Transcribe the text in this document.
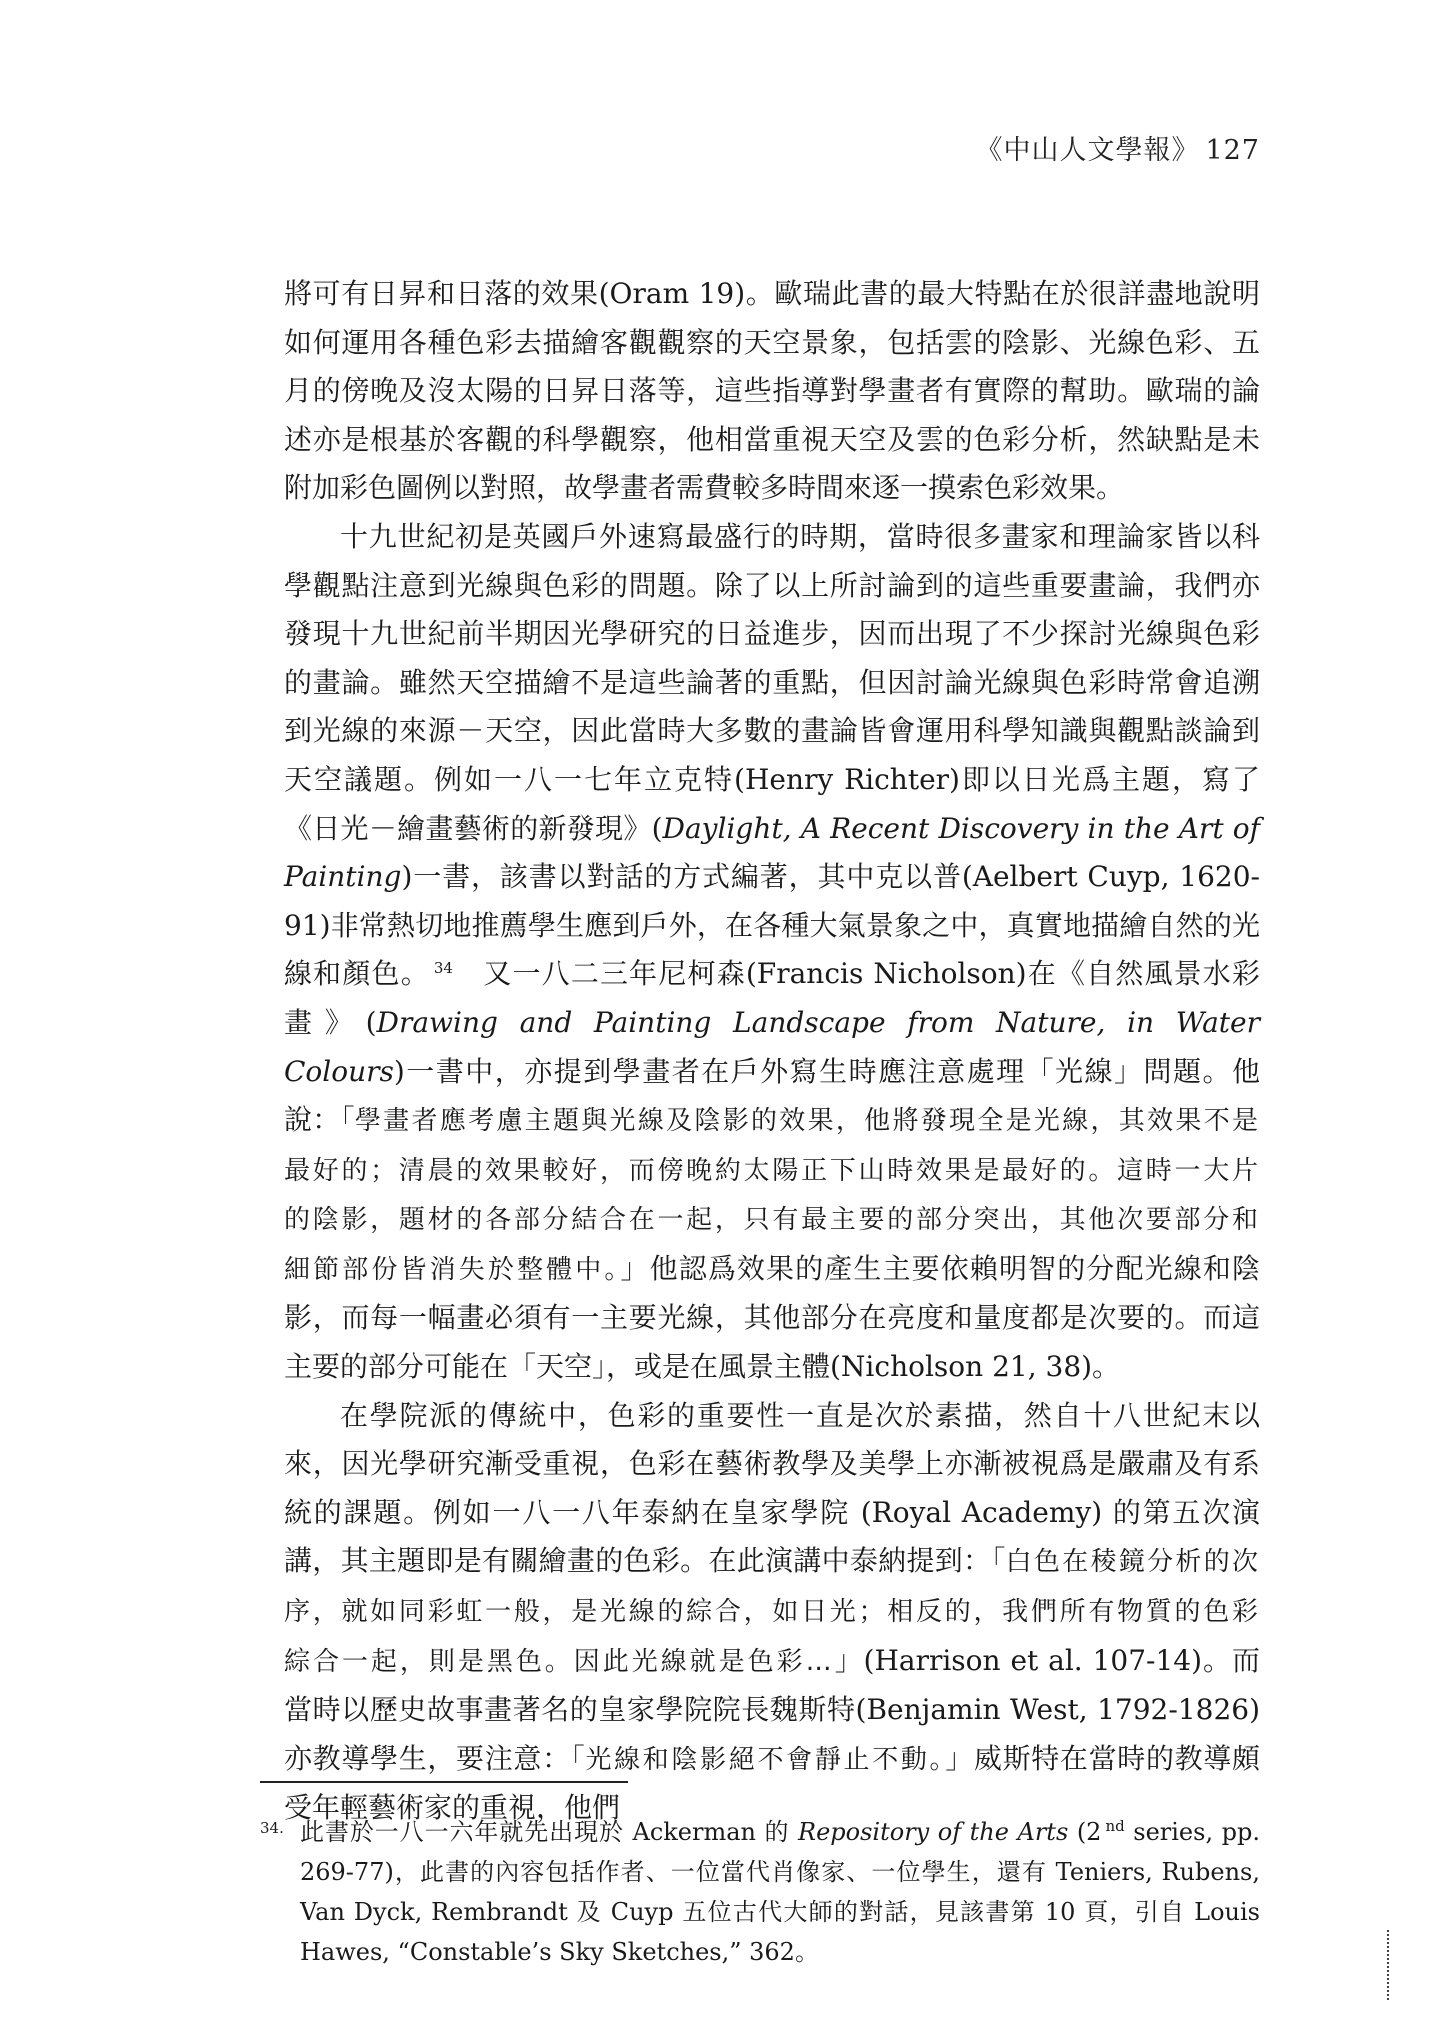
《中山人文學報》 127

將可有日昇和日落的效果(Oram 19)。歐瑞此書的最大特點在於很詳盡地說明如何運用各種色彩去描繪客觀觀察的天空景象，包括雲的陰影、光線色彩、五月的傍晚及沒太陽的日昇日落等，這些指導對學畫者有實際的幫助。歐瑞的論述亦是根基於客觀的科學觀察，他相當重視天空及雲的色彩分析，然缺點是未附加彩色圖例以對照，故學畫者需費較多時間來逐一摸索色彩效果。

十九世紀初是英國戶外速寫最盛行的時期，當時很多畫家和理論家皆以科學觀點注意到光線與色彩的問題。除了以上所討論到的這些重要畫論，我們亦發現十九世紀前半期因光學研究的日益進步，因而出現了不少探討光線與色彩的畫論。雖然天空描繪不是這些論著的重點，但因討論光線與色彩時常會追溯到光線的來源－天空，因此當時大多數的畫論皆會運用科學知識與觀點談論到天空議題。例如一八一七年立克特(Henry Richter)即以日光爲主題，寫了《日光－繪畫藝術的新發現》(Daylight, A Recent Discovery in the Art of Painting)一書，該書以對話的方式編著，其中克以普(Aelbert Cuyp, 1620-91)非常熱切地推薦學生應到戶外，在各種大氣景象之中，真實地描繪自然的光線和顏色。 $^{34}$　又一八二三年尼柯森(Francis Nicholson)在《自然風景水彩畫》(Drawing and Painting Landscape from Nature, in Water Colours)一書中，亦提到學畫者在戶外寫生時應注意處理「光線」問題。他說：「學畫者應考慮主題與光線及陰影的效果，他將發現全是光線，其效果不是最好的；清晨的效果較好，而傍晚約太陽正下山時效果是最好的。這時一大片的陰影，題材的各部分結合在一起，只有最主要的部分突出，其他次要部分和細節部份皆消失於整體中。」他認爲效果的產生主要依賴明智的分配光線和陰影，而每一幅畫必須有一主要光線，其他部分在亮度和量度都是次要的。而這主要的部分可能在「天空」，或是在風景主體(Nicholson 21, 38)。

在學院派的傳統中，色彩的重要性一直是次於素描，然自十八世紀末以來，因光學研究漸受重視，色彩在藝術教學及美學上亦漸被視爲是嚴肅及有系統的課題。例如一八一八年泰納在皇家學院 (Royal Academy) 的第五次演講，其主題即是有關繪畫的色彩。在此演講中泰納提到：「白色在稜鏡分析的次序，就如同彩虹一般，是光線的綜合，如日光；相反的，我們所有物質的色彩綜合一起，則是黑色。因此光線就是色彩…」(Harrison et al. 107-14)。而當時以歷史故事畫著名的皇家學院院長魏斯特(Benjamin West, 1792-1826)亦教導學生，要注意：「光線和陰影絕不會靜止不動。」威斯特在當時的教導頗受年輕藝術家的重視，他們

34. 此書於一八一六年就先出現於 Ackerman 的 Repository of the Arts (2 $^{nd}$ series, pp. 269-77)，此書的內容包括作者、一位當代肖像家、一位學生，還有 Teniers, Rubens, Van Dyck, Rembrandt 及 Cuyp 五位古代大師的對話，見該書第 10 頁，引自 Louis Hawes, “Constable’s Sky Sketches,” 362。
